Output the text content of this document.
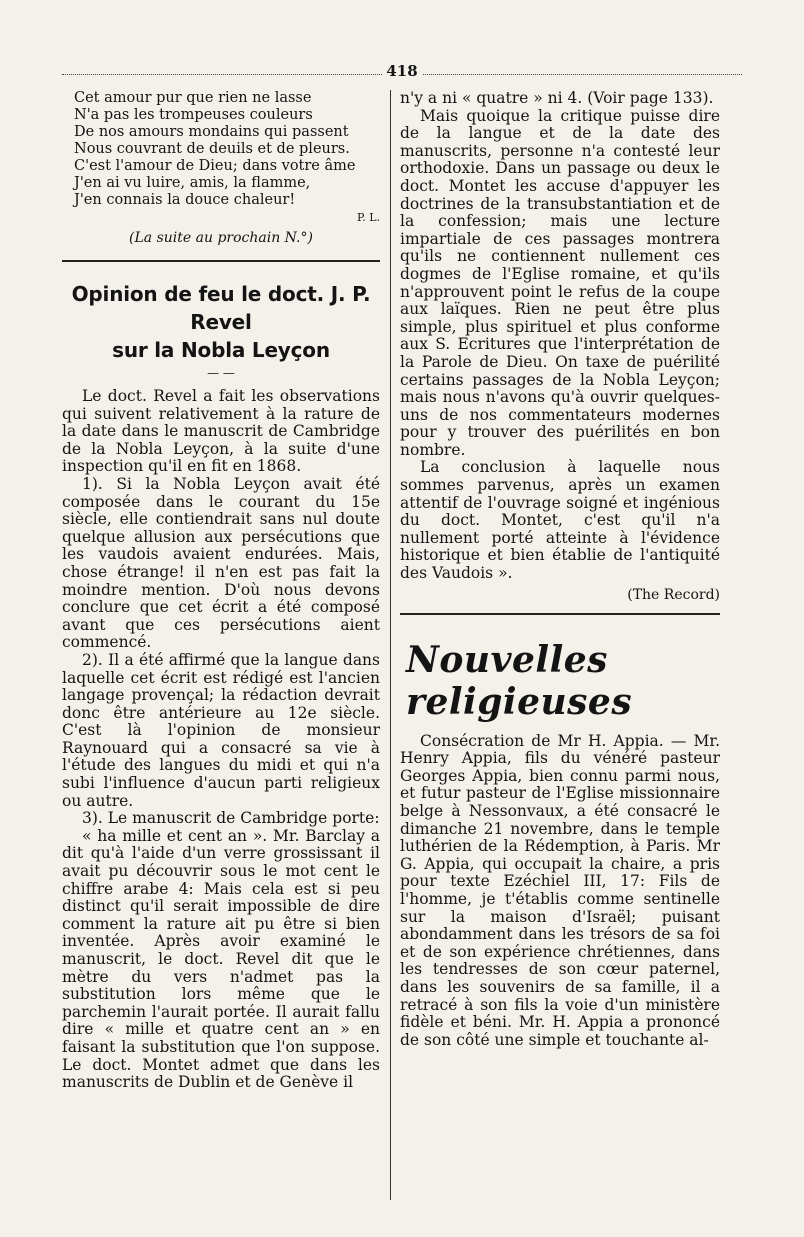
418

Cet amour pur que rien ne lasse

N'a pas les trompeuses couleurs

De nos amours mondains qui passent

Nous couvrant de deuils et de pleurs.

C'est l'amour de Dieu; dans votre âme

J'en ai vu luire, amis, la flamme,

J'en connais la douce chaleur!

P. L.
(La suite au prochain N.°)
Opinion de feu le doct. J. P. Revel
sur la Nobla Leyçon
— —

Le doct. Revel a fait les observations qui suivent relativement à la rature de la date dans le manuscrit de Cambridge de la Nobla Leyçon, à la suite d'une inspection qu'il en fit en 1868.

1). Si la Nobla Leyçon avait été composée dans le courant du 15e siècle, elle contiendrait sans nul doute quelque allusion aux persécutions que les vaudois avaient endurées. Mais, chose étrange! il n'en est pas fait la moindre mention. D'où nous devons conclure que cet écrit a été composé avant que ces persécutions aient commencé.

2). Il a été affirmé que la langue dans laquelle cet écrit est rédigé est l'ancien langage provençal; la rédaction devrait donc être antérieure au 12e siècle. C'est là l'opinion de monsieur Raynouard qui a consacré sa vie à l'étude des langues du midi et qui n'a subi l'influence d'aucun parti religieux ou autre.

3). Le manuscrit de Cambridge porte:

« ha mille et cent an ». Mr. Barclay a dit qu'à l'aide d'un verre grossissant il avait pu découvrir sous le mot cent le chiffre arabe 4: Mais cela est si peu distinct qu'il serait impossible de dire comment la rature ait pu être si bien inventée. Après avoir examiné le manuscrit, le doct. Revel dit que le mètre du vers n'admet pas la substitution lors même que le parchemin l'aurait portée. Il aurait fallu dire « mille et quatre cent an » en faisant la substitution que l'on suppose. Le doct. Montet admet que dans les manuscrits de Dublin et de Genève il

n'y a ni « quatre » ni 4. (Voir page 133).

Mais quoique la critique puisse dire de la langue et de la date des manuscrits, personne n'a contesté leur orthodoxie. Dans un passage ou deux le doct. Montet les accuse d'appuyer les doctrines de la transubstantiation et de la confession; mais une lecture impartiale de ces passages montrera qu'ils ne contiennent nullement ces dogmes de l'Eglise romaine, et qu'ils n'approuvent point le refus de la coupe aux laïques. Rien ne peut être plus simple, plus spirituel et plus conforme aux S. Ecritures que l'interprétation de la Parole de Dieu. On taxe de puérilité certains passages de la Nobla Leyçon; mais nous n'avons qu'à ouvrir quelques-uns de nos commentateurs modernes pour y trouver des puérilités en bon nombre.

La conclusion à laquelle nous sommes parvenus, après un examen attentif de l'ouvrage soigné et ingénious du doct. Montet, c'est qu'il n'a nullement porté atteinte à l'évidence historique et bien établie de l'antiquité des Vaudois ».

(The Record)
Nouvelles religieuses

Consécration de Mr H. Appia. — Mr. Henry Appia, fils du vénéré pasteur Georges Appia, bien connu parmi nous, et futur pasteur de l'Eglise missionnaire belge à Nessonvaux, a été consacré le dimanche 21 novembre, dans le temple luthérien de la Rédemption, à Paris. Mr G. Appia, qui occupait la chaire, a pris pour texte Ezéchiel III, 17: Fils de l'homme, je t'établis comme sentinelle sur la maison d'Israël; puisant abondamment dans les trésors de sa foi et de son expérience chrétiennes, dans les tendresses de son cœur paternel, dans les souvenirs de sa famille, il a retracé à son fils la voie d'un ministère fidèle et béni. Mr. H. Appia a prononcé de son côté une simple et touchante al-
